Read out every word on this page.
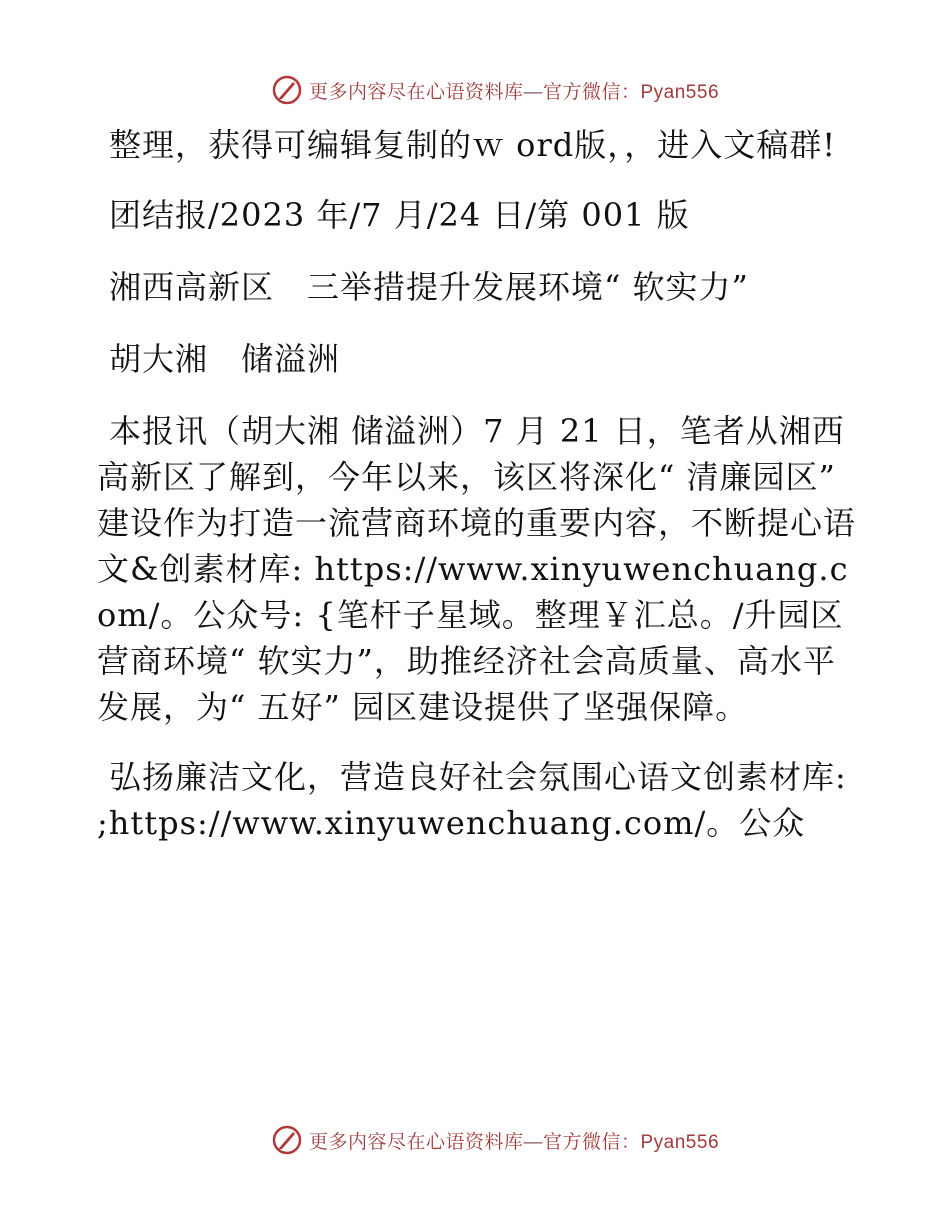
更多内容尽在心语资料库—官方微信：Pyan556

整理，获得可编辑复制的ｗ ord版，，进入文稿群!

团结报/2023 年/7 月/24 日/第 001 版

湘西高新区　三举措提升发展环境“ 软实力”

胡大湘　储溢洲

本报讯（胡大湘 储溢洲）7 月 21 日，笔者从湘西高新区了解到，今年以来，该区将深化“ 清廉园区” 建设作为打造一流营商环境的重要内容，不断提心语文&创素材库: https://www.xinyuwenchuang.com/。公众号: {笔杆子星域。整理￥汇总。/升园区营商环境“ 软实力”，助推经济社会高质量、高水平发展，为“ 五好” 园区建设提供了坚强保障。

弘扬廉洁文化，营造良好社会氛围心语文创素材库: ;https://www.xinyuwenchuang.com/。公众

更多内容尽在心语资料库—官方微信：Pyan556
